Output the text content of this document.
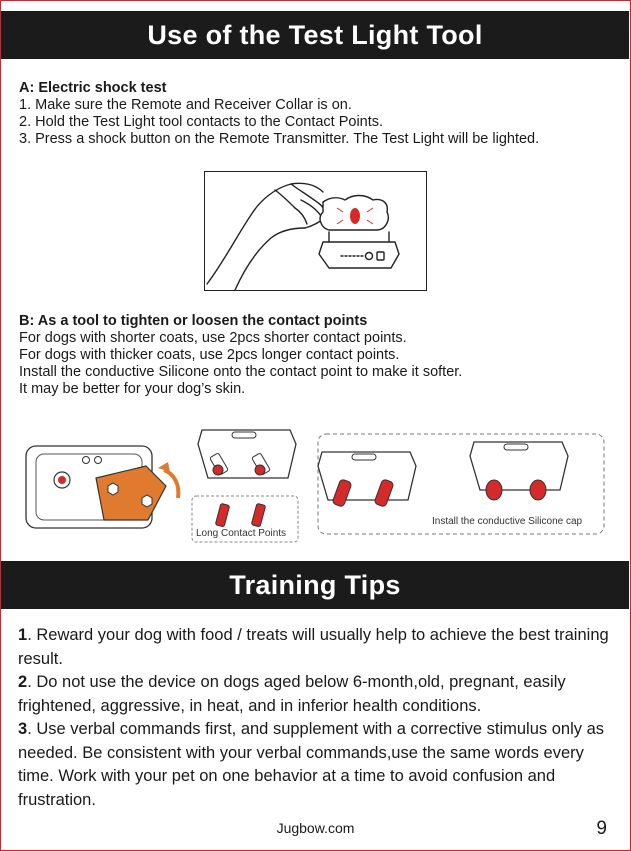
Use of the Test Light Tool

A: Electric shock test

1. Make sure the Remote and Receiver Collar is on.

2. Hold the Test Light tool contacts to the Contact Points.

3. Press a shock button on the Remote Transmitter. The Test Light will be lighted.

B: As a tool to tighten or loosen the contact points

For dogs with shorter coats, use 2pcs shorter contact points.

For dogs with thicker coats, use 2pcs longer contact points.

Install the conductive Silicone onto the contact point to make it softer.

It may be better for your dog’s skin.

Long Contact Points
Install the conductive Silicone cap
Training Tips

1. Reward your dog with food / treats will usually help to achieve the best training result.

2. Do not use the device on dogs aged below 6-month,old, pregnant, easily frightened, aggressive, in heat, and in inferior health conditions.

3. Use verbal commands first, and supplement with a corrective stimulus only as needed. Be consistent with your verbal commands,use the same words every time. Work with your pet on one behavior at a time to avoid confusion and frustration.

Jugbow.com	9
